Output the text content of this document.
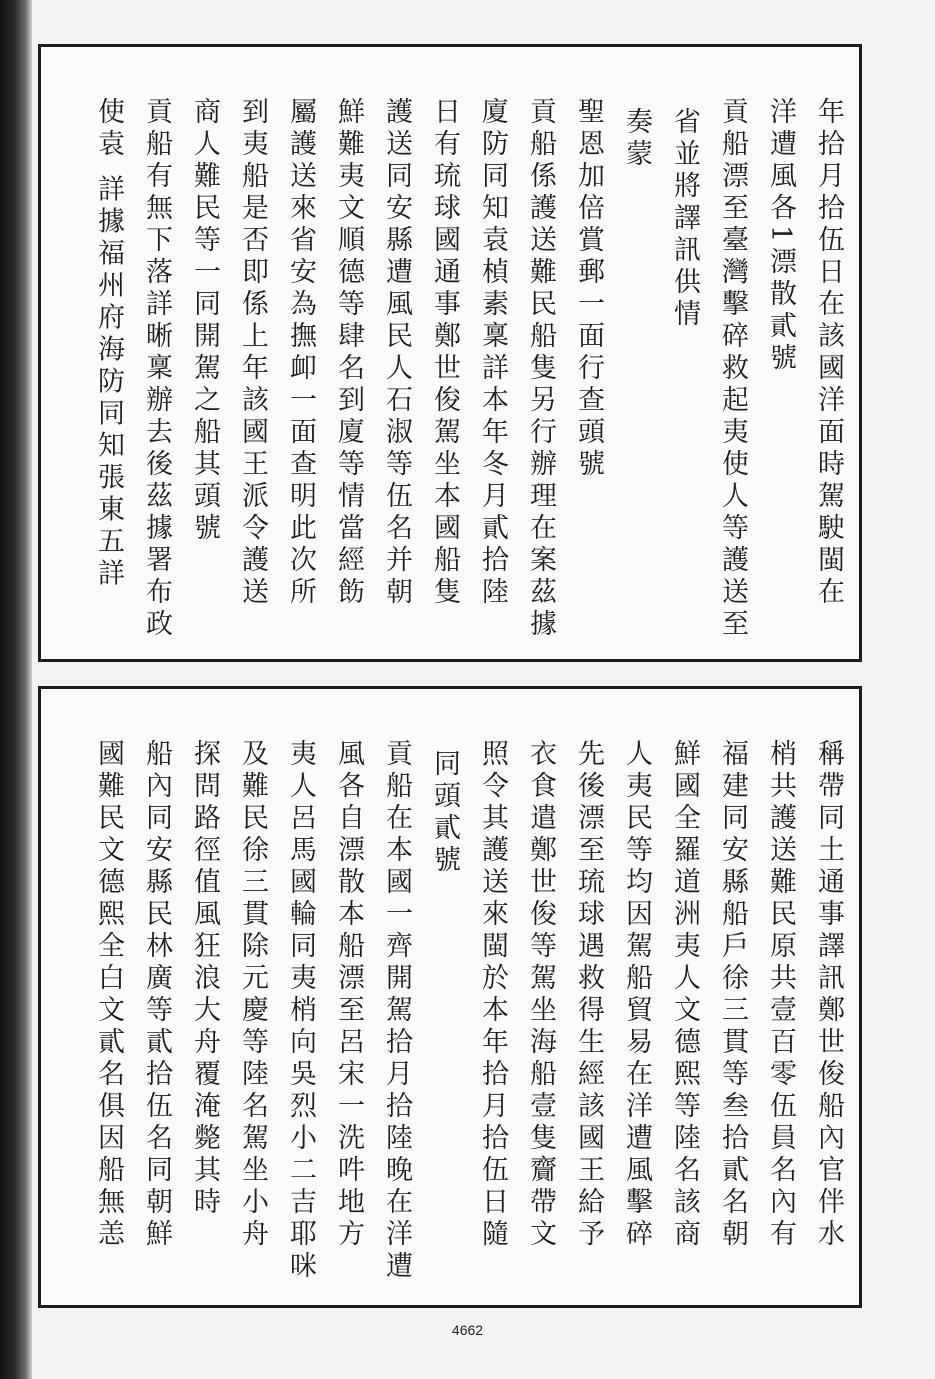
年拾月拾伍日在該國洋面時駕駛閩在
洋遭風各1漂散貳號
貢船漂至臺灣擊碎救起夷使人等護送至
省並將譯訊供情
奏蒙
聖恩加倍賞郵一面行查頭號
貢船係護送難民船隻另行辦理在案茲據
廈防同知袁楨素稟詳本年冬月貳拾陸
日有琉球國通事鄭世俊駕坐本國船隻
護送同安縣遭風民人石淑等伍名并朝
鮮難夷文順德等肆名到廈等情當經飭
屬護送來省安為撫卹一面查明此次所
到夷船是否即係上年該國王派令護送
商人難民等一同開駕之船其頭號
貢船有無下落詳晰稟辦去後茲據署布政
使袁 詳據福州府海防同知張東五詳
稱帶同土通事譯訊鄭世俊船內官伴水
梢共護送難民原共壹百零伍員名內有
福建同安縣船戶徐三貫等叁拾貳名朝
鮮國全羅道洲夷人文德熙等陸名該商
人夷民等均因駕船貿易在洋遭風擊碎
先後漂至琉球遇救得生經該國王給予
衣食遣鄭世俊等駕坐海船壹隻齎帶文
照令其護送來閩於本年拾月拾伍日隨
同頭貳號
貢船在本國一齊開駕拾月拾陸晚在洋遭
風各自漂散本船漂至呂宋一洗吽地方
夷人呂馬國輪同夷梢向吳烈小二吉耶咪
及難民徐三貫除元慶等陸名駕坐小舟
探問路徑值風狂浪大舟覆淹斃其時
船內同安縣民林廣等貳拾伍名同朝鮮
國難民文德熙全白文貳名俱因船無恙
4662
